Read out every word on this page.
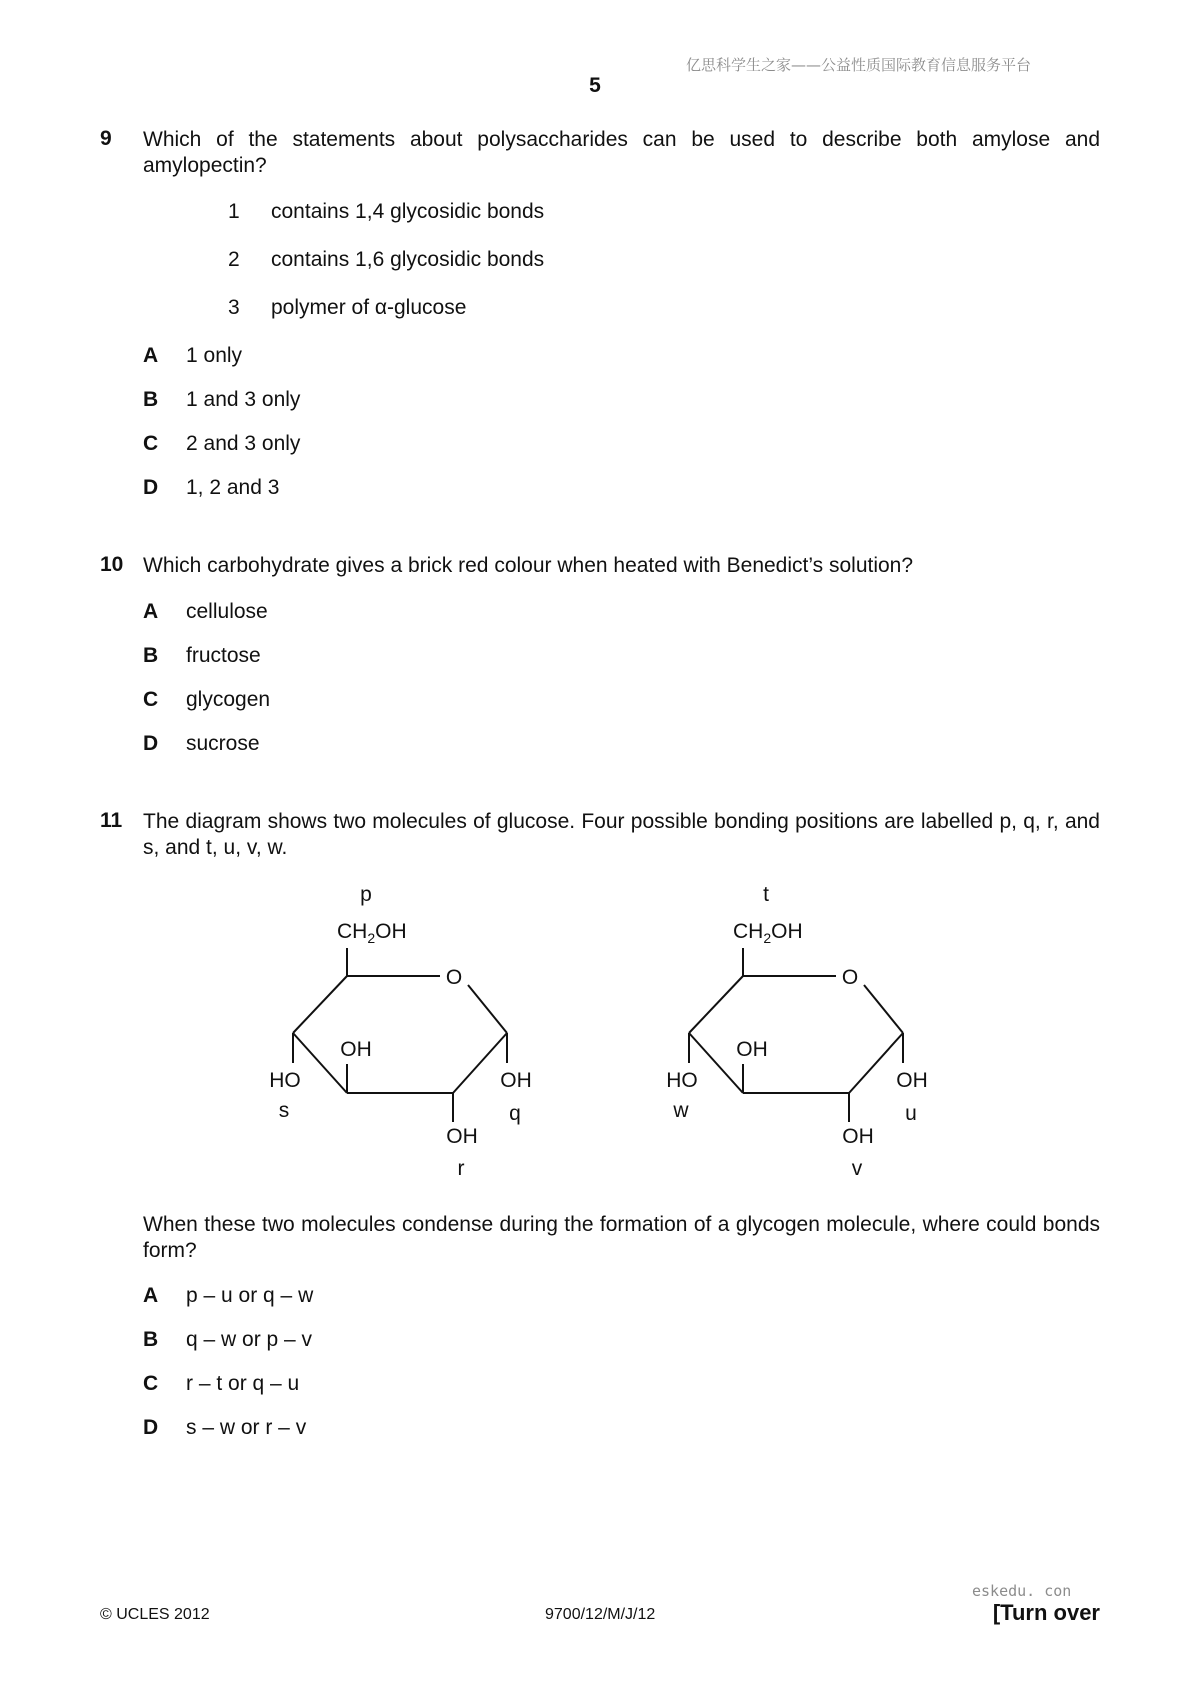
亿思科学生之家——公益性质国际教育信息服务平台
5
9 Which of the statements about polysaccharides can be used to describe both amylose and amylopectin?
1 contains 1,4 glycosidic bonds
2 contains 1,6 glycosidic bonds
3 polymer of α-glucose
A 1 only
B 1 and 3 only
C 2 and 3 only
D 1, 2 and 3
10 Which carbohydrate gives a brick red colour when heated with Benedict’s solution?
A cellulose
B fructose
C glycogen
D sucrose
11 The diagram shows two molecules of glucose. Four possible bonding positions are labelled p, q, r, and s, and t, u, v, w.
p
$CH_2OH$
O
OH
HO
s
OH
q
OH
r
t
$CH_2OH$
O
OH
HO
w
OH
u
OH
v
When these two molecules condense during the formation of a glycogen molecule, where could bonds form?
A p – u or q – w
B q – w or p – v
C r – t or q – u
D s – w or r – v
© UCLES 2012	9700/12/M/J/12
eskedu. con
[Turn over
